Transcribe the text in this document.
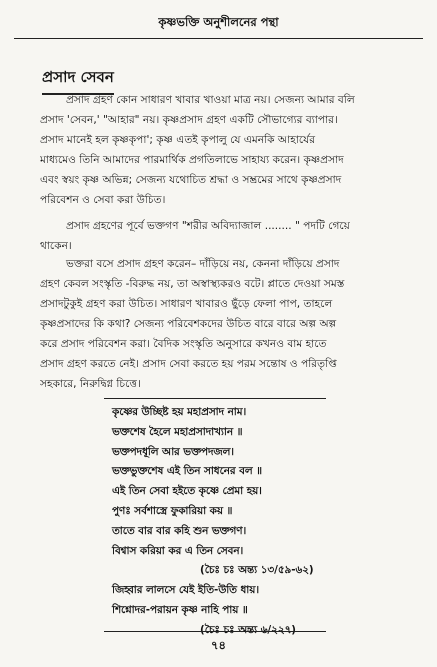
কৃষ্ণভক্তি অনুশীলনের পন্থা
প্রসাদ সেবন
প্রসাদ গ্রহণ কোন সাধারণ খাবার খাওয়া মাত্র নয়। সেজন্য আমার বলি
প্রসাদ 'সেবন,' "আহার" নয়। কৃষ্ণপ্রসাদ গ্রহণ একটি সৌভাগ্যের ব্যাপার।
প্রসাদ মানেই হল কৃষ্ণকৃপা'; কৃষ্ণ এতই কৃপালু যে এমনকি আহার্যের
মাধ্যমেও তিনি আমাদের পারমার্থিক প্রগতিলাভে সাহায্য করেন। কৃষ্ণপ্রসাদ
এবং স্বয়ং কৃষ্ণ অভিন্ন; সেজন্য যথোচিত শ্রদ্ধা ও সম্ভ্রমের সাথে কৃষ্ণপ্রসাদ
পরিবেশন ও সেবা করা উচিত।
প্রসাদ গ্রহণের পূর্বে ভক্তগণ "শরীর অবিদ্যাজাল ........ " পদটি গেয়ে
থাকেন।
ভক্তরা বসে প্রসাদ গ্রহণ করেন– দাঁড়িয়ে নয়, কেননা দাঁড়িয়ে প্রসাদ
গ্রহণ কেবল সংস্কৃতি -বিরুদ্ধ নয়, তা অস্বাস্থ্যকরও বটে। প্লাতে দেওয়া সমস্ত
প্রসাদটুকুই গ্রহণ করা উচিত। সাধারণ খাবারও ছুঁড়ে ফেলা পাপ, তাহলে
কৃষ্ণপ্রসাদের কি কথা? সেজন্য পরিবেশকদের উচিত বারে বারে অল্প অল্প
করে প্রসাদ পরিবেশন করা। বৈদিক সংস্কৃতি অনুসারে কখনও বাম হাতে
প্রসাদ গ্রহণ করতে নেই। প্রসাদ সেবা করতে হয় পরম সন্তোষ ও পরিতৃপ্তি
সহকারে, নিরুদ্বিগ্ন চিত্তে।
কৃষ্ণের উচ্ছিষ্ট হয় মহাপ্রসাদ নাম।
ভক্তশেষ হৈলে মহাপ্রসাদাখ্যান ॥
ভক্তপদধূলি আর ভক্তপদজল।
ভক্তভুক্তশেষ এই তিন সাধনের বল ॥
এই তিন সেবা হইতে কৃষ্ণে প্রেমা হয়।
পুণঃ সর্বশাস্ত্রে ফুকারিয়া কয় ॥
তাতে বার বার কহি শুন ভক্তগণ।
বিশ্বাস করিয়া কর এ তিন সেবন।
(চৈঃ চঃ অন্ত্য ১৩/৫৯-৬২)
জিহ্বার লালসে যেই ইতি-উতি ধায়।
শিশ্নোদর-পরায়ন কৃষ্ণ নাহি পায় ॥
(চৈঃ চঃ অন্ত্য ৬/২২৭)
৭৪
